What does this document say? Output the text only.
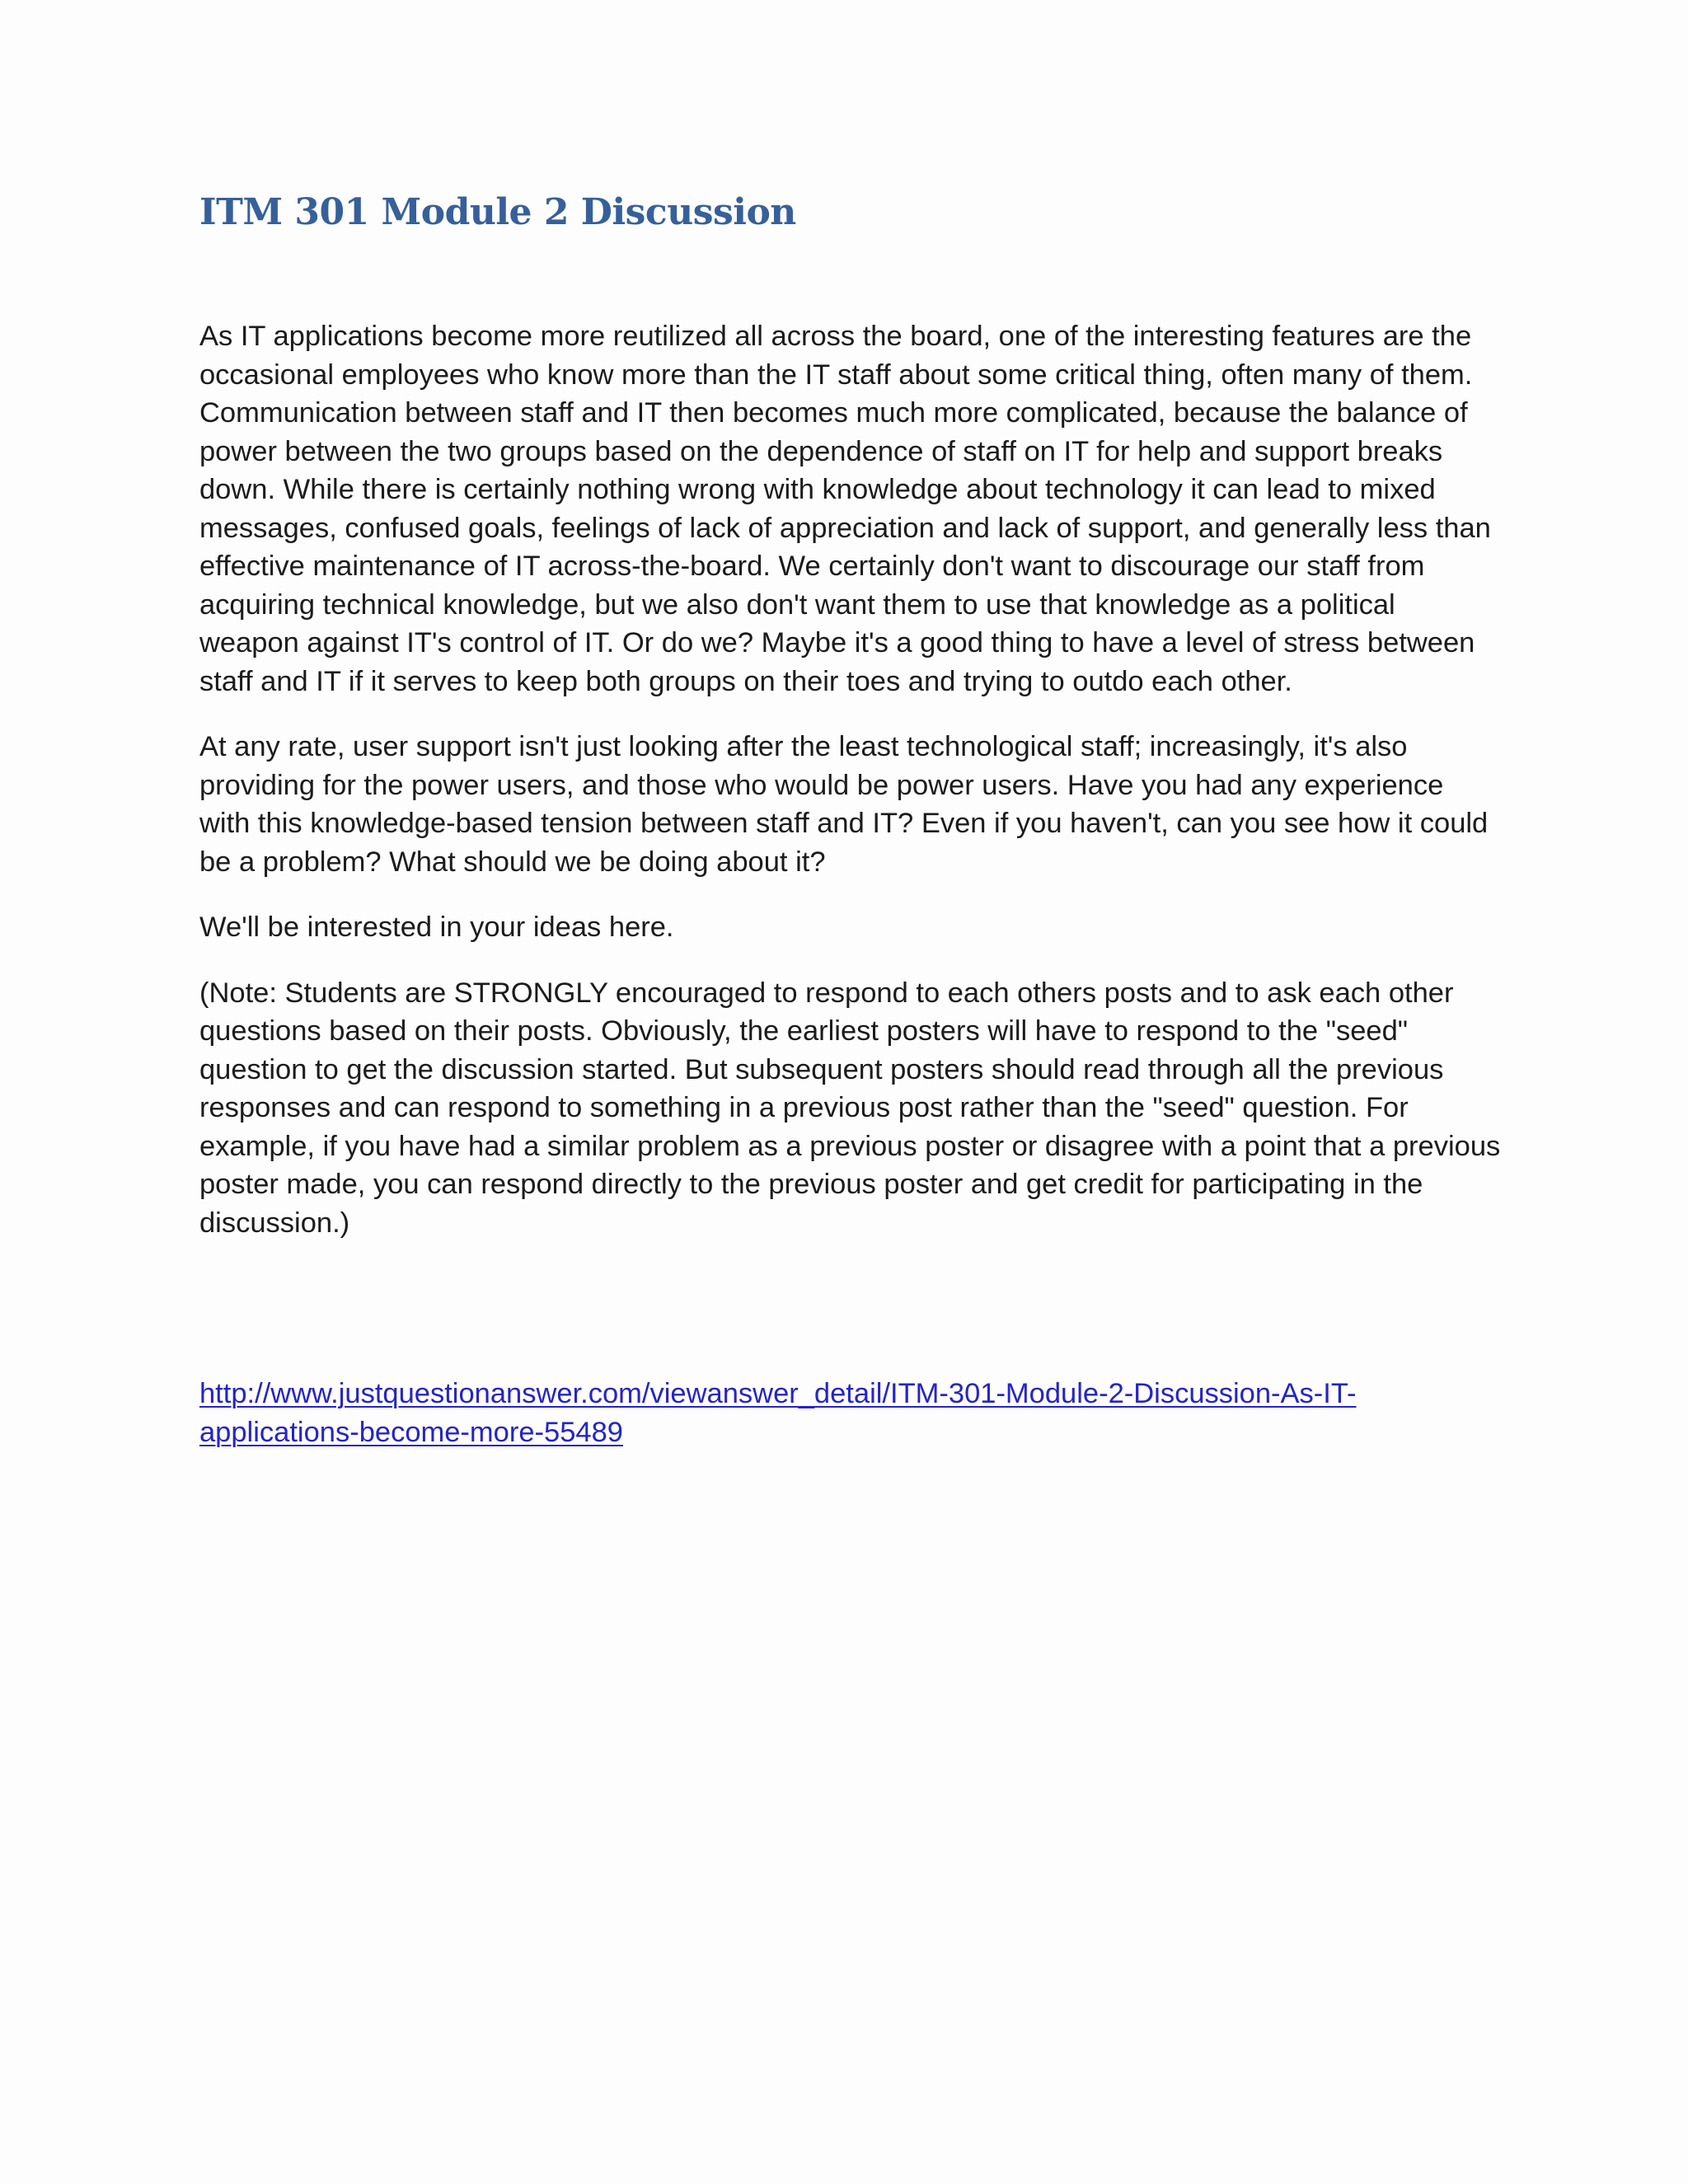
ITM 301 Module 2 Discussion

As IT applications become more reutilized all across the board, one of the interesting features are the occasional employees who know more than the IT staff about some critical thing, often many of them. Communication between staff and IT then becomes much more complicated, because the balance of power between the two groups based on the dependence of staff on IT for help and support breaks down. While there is certainly nothing wrong with knowledge about technology it can lead to mixed messages, confused goals, feelings of lack of appreciation and lack of support, and generally less than effective maintenance of IT across-the-board. We certainly don't want to discourage our staff from acquiring technical knowledge, but we also don't want them to use that knowledge as a political weapon against IT's control of IT. Or do we? Maybe it's a good thing to have a level of stress between staff and IT if it serves to keep both groups on their toes and trying to outdo each other.

At any rate, user support isn't just looking after the least technological staff; increasingly, it's also providing for the power users, and those who would be power users. Have you had any experience with this knowledge-based tension between staff and IT? Even if you haven't, can you see how it could be a problem? What should we be doing about it?

We'll be interested in your ideas here.

(Note: Students are STRONGLY encouraged to respond to each others posts and to ask each other questions based on their posts. Obviously, the earliest posters will have to respond to the "seed" question to get the discussion started. But subsequent posters should read through all the previous responses and can respond to something in a previous post rather than the "seed" question. For example, if you have had a similar problem as a previous poster or disagree with a point that a previous poster made, you can respond directly to the previous poster and get credit for participating in the discussion.)

http://www.justquestionanswer.com/viewanswer_detail/ITM-301-Module-2-Discussion-As-IT-
applications-become-more-55489
